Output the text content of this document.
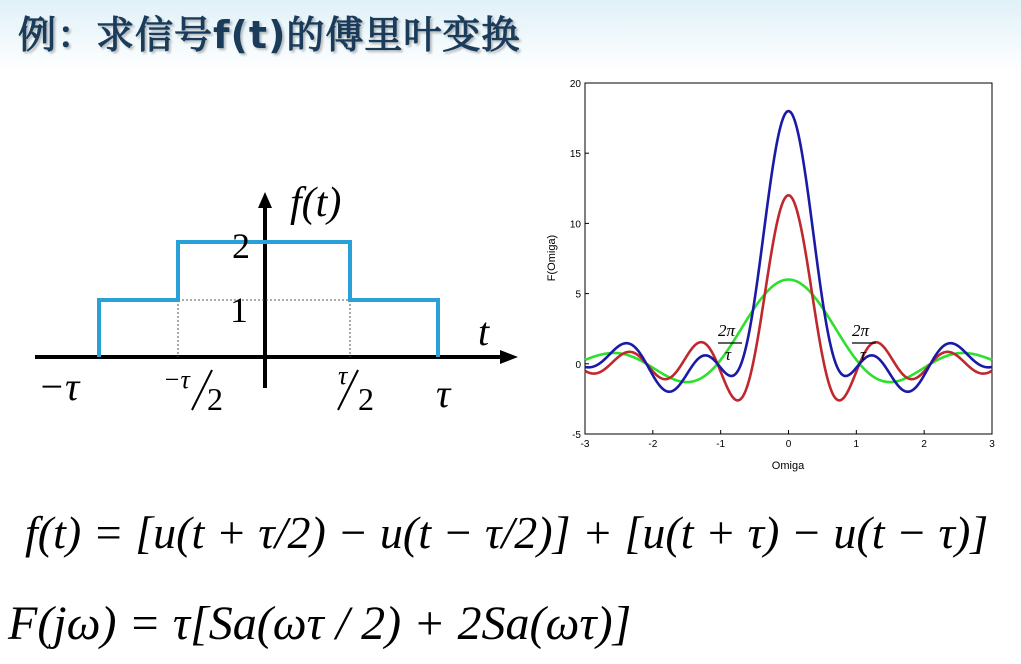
例：求信号f(t)的傅里叶变换
f(t)
t
2
1
−τ	−τ
2
τ
2 τ
-3	-2	-1	0	1	2	3
-5
0
5
10
15
20
Omiga
F(Omiga)
2π
τ
2π
τ
f(t) = [u(t + τ/2) − u(t − τ/2)] + [u(t + τ) − u(t − τ)]
F(jω) = τ[Sa(ωτ / 2) + 2Sa(ωτ)]
